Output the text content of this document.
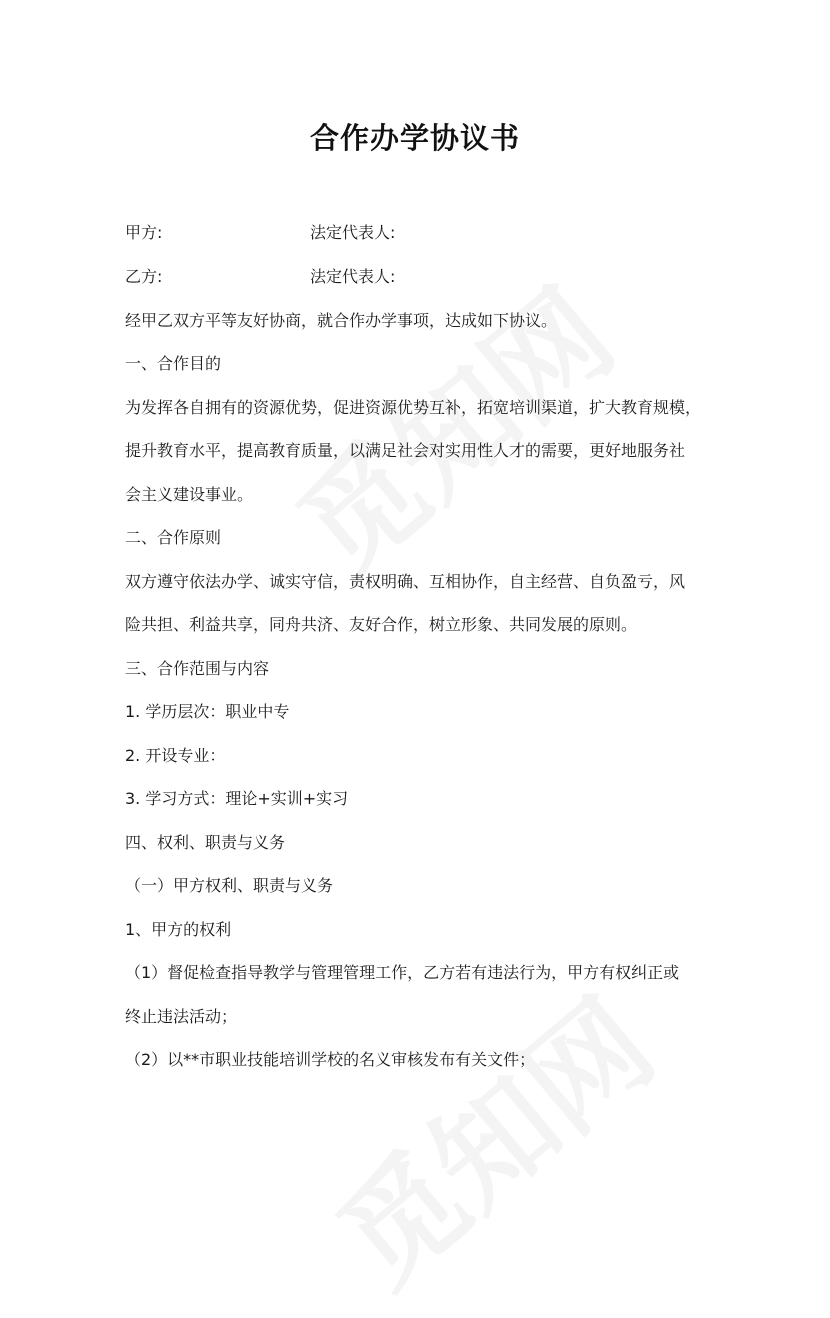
合作办学协议书
甲方:	法定代表人:
乙方:	法定代表人:
经甲乙双方平等友好协商，就合作办学事项，达成如下协议。
一、合作目的
为发挥各自拥有的资源优势，促进资源优势互补，拓宽培训渠道，扩大教育规模，
提升教育水平，提高教育质量，以满足社会对实用性人才的需要，更好地服务社
会主义建设事业。
二、合作原则
双方遵守依法办学、诚实守信，责权明确、互相协作，自主经营、自负盈亏，风
险共担、利益共享，同舟共济、友好合作，树立形象、共同发展的原则。
三、合作范围与内容
1. 学历层次：职业中专
2. 开设专业：
3. 学习方式：理论+实训+实习
四、权利、职责与义务
（一）甲方权利、职责与义务
1、甲方的权利
（1）督促检查指导教学与管理管理工作，乙方若有违法行为，甲方有权纠正或
终止违法活动；
（2）以**市职业技能培训学校的名义审核发布有关文件；
